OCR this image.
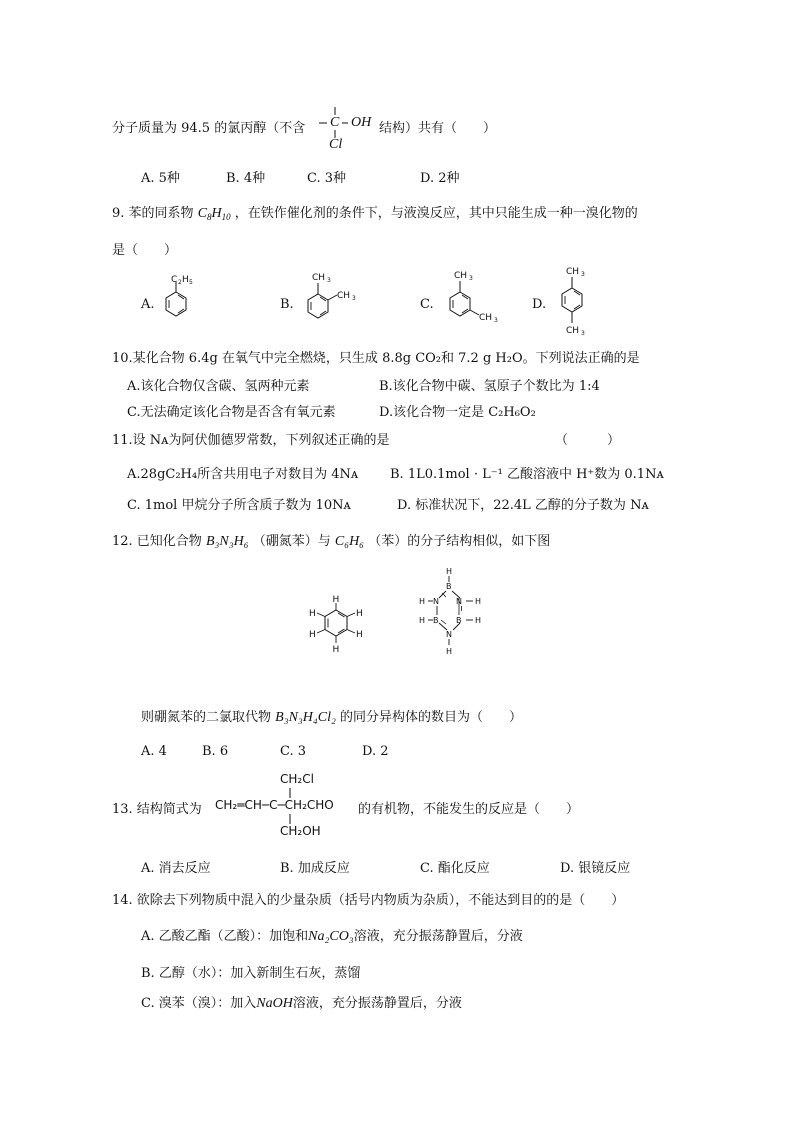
分子质量为 94.5 的氯丙醇（不含 C OH
Cl
结构）共有（　　）
A. 5种	B. 4种	C. 3种	D. 2种
9. 苯的同系物 $C_8H_{10}$ ，在铁作催化剂的条件下，与液溴反应，其中只能生成一种一溴化物的
是（　　）
A.
C 2 H 5
B.
CH 3
CH 3	C.
CH 3
CH 3
D.
CH 3
CH 3
10.某化合物 6.4g 在氧气中完全燃烧，只生成 8.8g CO₂和 7.2 g H₂O。下列说法正确的是
A.该化合物仅含碳、氢两种元素	B.该化合物中碳、氢原子个数比为 1:4
C.无法确定该化合物是否含有氧元素	D.该化合物一定是 C₂H₆O₂
11.设 Nᴀ为阿伏伽德罗常数，下列叙述正确的是	（　　　）
A.28gC₂H₄所含共用电子对数目为 4Nᴀ B. 1L0.1mol · L⁻¹ 乙酸溶液中 H⁺数为 0.1Nᴀ
C. 1mol 甲烷分子所含质子数为 10Nᴀ	D. 标准状况下，22.4L 乙醇的分子数为 Nᴀ
12. 已知化合物 B₃N₃H₆ （硼氮苯）与 C₆H₆ （苯）的分子结构相似，如下图
H
H
H
H
H
H
H
B
H N N H
H B B H
N
H
则硼氮苯的二氯取代物 B₃N₃H₄Cl₂ 的同分异构体的数目为（　　）
A. 4	B. 6	C. 3	D. 2
13. 结构简式为
CH₂Cl
CH₂═CH─C─CH₂CHO
CH₂OH
的有机物，不能发生的反应是（　　）
A. 消去反应	B. 加成反应	C. 酯化反应	D. 银镜反应
14. 欲除去下列物质中混入的少量杂质（括号内物质为杂质），不能达到目的的是（　　）
A. 乙酸乙酯（乙酸）：加饱和Na₂CO₃溶液，充分振荡静置后，分液
B. 乙醇（水）：加入新制生石灰，蒸馏
C. 溴苯（溴）：加入NaOH溶液，充分振荡静置后，分液
